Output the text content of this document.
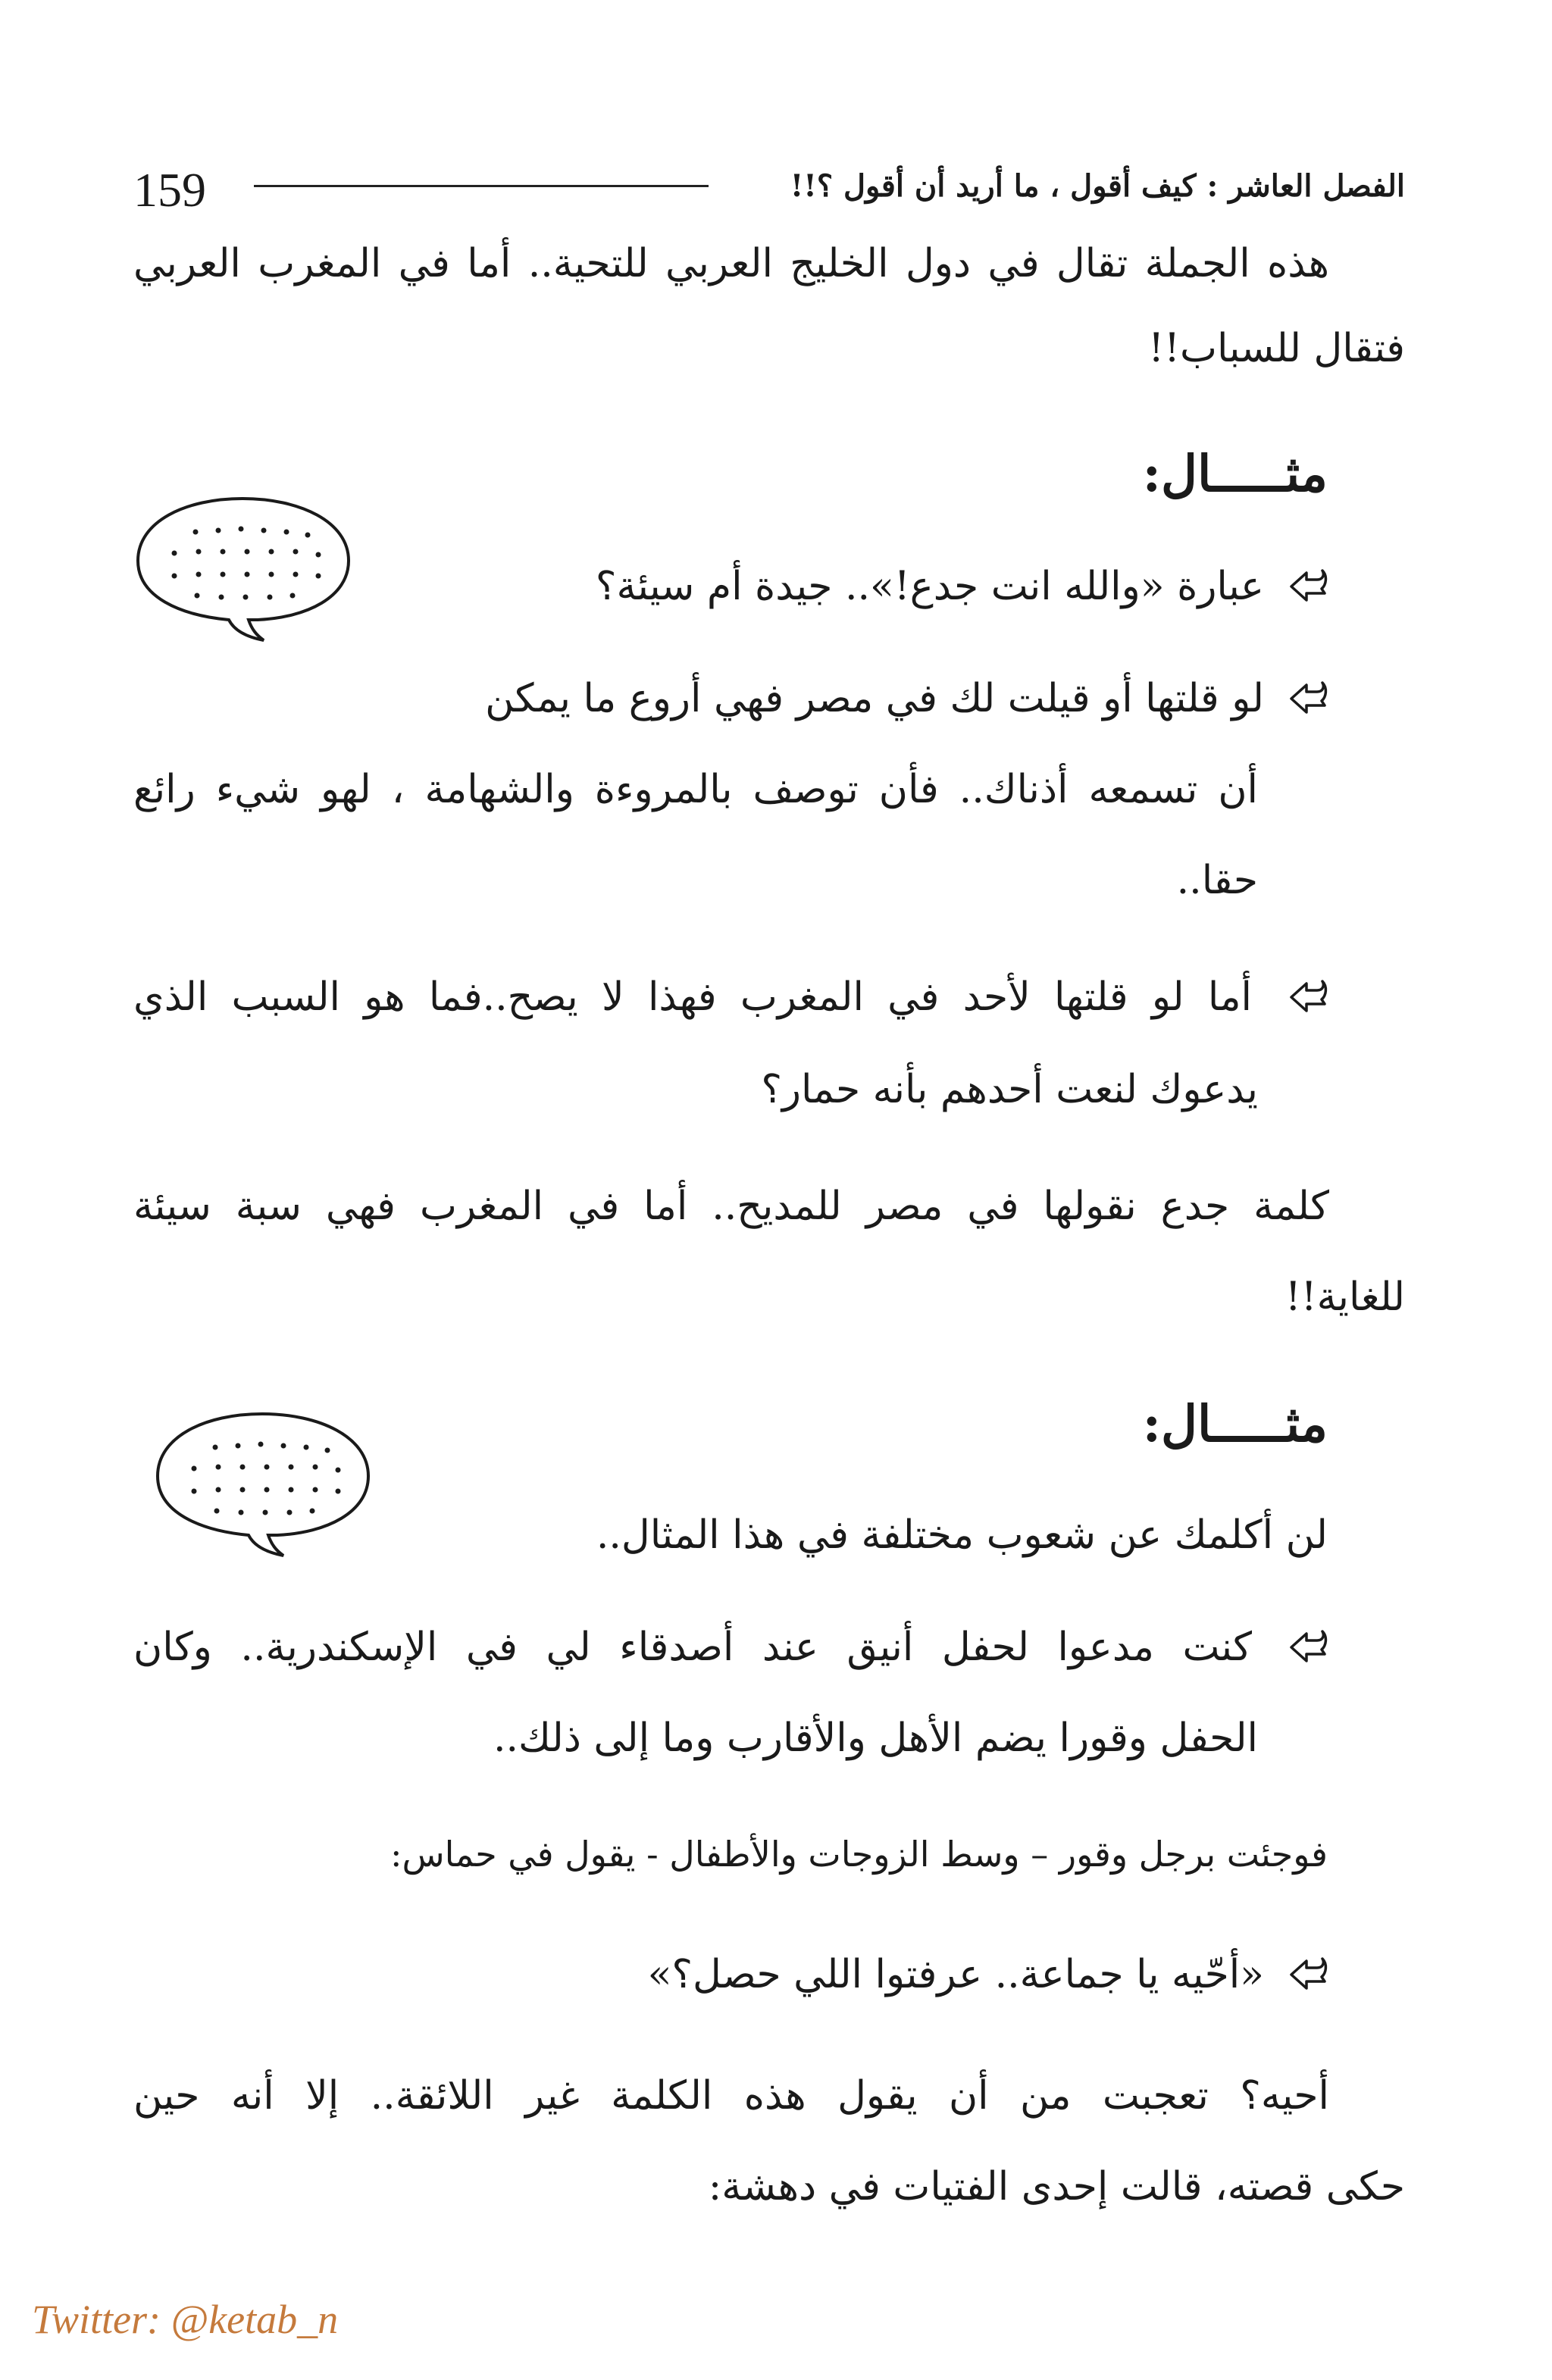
159	الفصل العاشر : كيف أقول ، ما أريد أن أقول ؟!!
هذه الجملة تقال في دول الخليج العربي للتحية.. أما في المغرب العربي
فتقال للسباب!!
مثـــــال:
عبارة «والله انت جدع!».. جيدة أم سيئة؟
لو قلتها أو قيلت لك في مصر فهي أروع ما يمكن
أن تسمعه أذناك.. فأن توصف بالمروءة والشهامة ، لهو شيء رائع
حقا..
أما لو قلتها لأحد في المغرب فهذا لا يصح..فما هو السبب الذي
يدعوك لنعت أحدهم بأنه حمار؟
كلمة جدع نقولها في مصر للمديح.. أما في المغرب فهي سبة سيئة
للغاية!!
مثـــــال:
لن أكلمك عن شعوب مختلفة في هذا المثال..
كنت مدعوا لحفل أنيق عند أصدقاء لي في الإسكندرية.. وكان
الحفل وقورا يضم الأهل والأقارب وما إلى ذلك..
فوجئت برجل وقور – وسط الزوجات والأطفال - يقول في حماس:
«أحّيه يا جماعة.. عرفتوا اللي حصل؟»
أحيه؟ تعجبت من أن يقول هذه الكلمة غير اللائقة.. إلا أنه حين
حكى قصته، قالت إحدى الفتيات في دهشة:
Twitter: @ketab_n
